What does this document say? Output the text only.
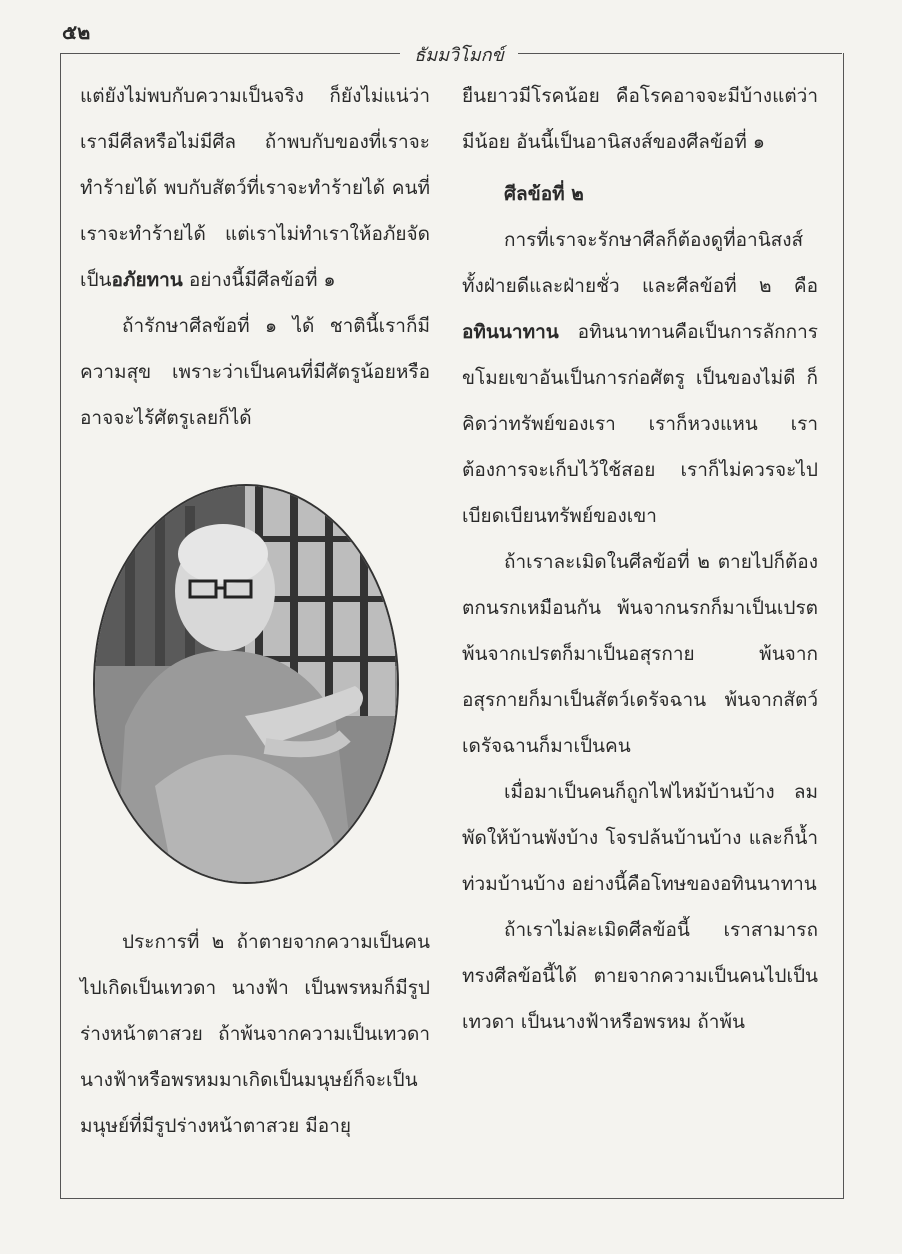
๕๒
ธัมมวิโมกข์

แต่ยังไม่พบกับความเป็นจริง ก็ยังไม่แน่ว่าเรามีศีลหรือไม่มีศีล ถ้าพบกับของที่เราจะทำร้ายได้ พบกับสัตว์ที่เราจะทำร้ายได้ คนที่เราจะทำร้ายได้ แต่เราไม่ทำเราให้อภัยจัดเป็นอภัยทาน อย่างนี้มีศีลข้อที่ ๑

ถ้ารักษาศีลข้อที่ ๑ ได้ ชาตินี้เราก็มีความสุข เพราะว่าเป็นคนที่มีศัตรูน้อยหรืออาจจะไร้ศัตรูเลยก็ได้

ประการที่ ๒ ถ้าตายจากความเป็นคน ไปเกิดเป็นเทวดา นางฟ้า เป็นพรหมก็มีรูปร่างหน้าตาสวย ถ้าพ้นจากความเป็นเทวดา นางฟ้าหรือพรหมมาเกิดเป็นมนุษย์ก็จะเป็นมนุษย์ที่มีรูปร่างหน้าตาสวย มีอายุ

ยืนยาวมีโรคน้อย คือโรคอาจจะมีบ้างแต่ว่ามีน้อย อันนี้เป็นอานิสงส์ของศีลข้อที่ ๑

ศีลข้อที่ ๒

การที่เราจะรักษาศีลก็ต้องดูที่อานิสงส์ทั้งฝ่ายดีและฝ่ายชั่ว และศีลข้อที่ ๒ คือ อทินนาทาน อทินนาทานคือเป็นการลักการขโมยเขาอันเป็นการก่อศัตรู เป็นของไม่ดี ก็คิดว่าทรัพย์ของเรา เราก็หวงแหน เราต้องการจะเก็บไว้ใช้สอย เราก็ไม่ควรจะไปเบียดเบียนทรัพย์ของเขา

ถ้าเราละเมิดในศีลข้อที่ ๒ ตายไปก็ต้องตกนรกเหมือนกัน พ้นจากนรกก็มาเป็นเปรต พ้นจากเปรตก็มาเป็นอสุรกาย พ้นจากอสุรกายก็มาเป็นสัตว์เดรัจฉาน พ้นจากสัตว์เดรัจฉานก็มาเป็นคน

เมื่อมาเป็นคนก็ถูกไฟไหม้บ้านบ้าง ลมพัดให้บ้านพังบ้าง โจรปล้นบ้านบ้าง และก็น้ำท่วมบ้านบ้าง อย่างนี้คือโทษของอทินนาทาน

ถ้าเราไม่ละเมิดศีลข้อนี้ เราสามารถทรงศีลข้อนี้ได้ ตายจากความเป็นคนไปเป็นเทวดา เป็นนางฟ้าหรือพรหม ถ้าพ้น
